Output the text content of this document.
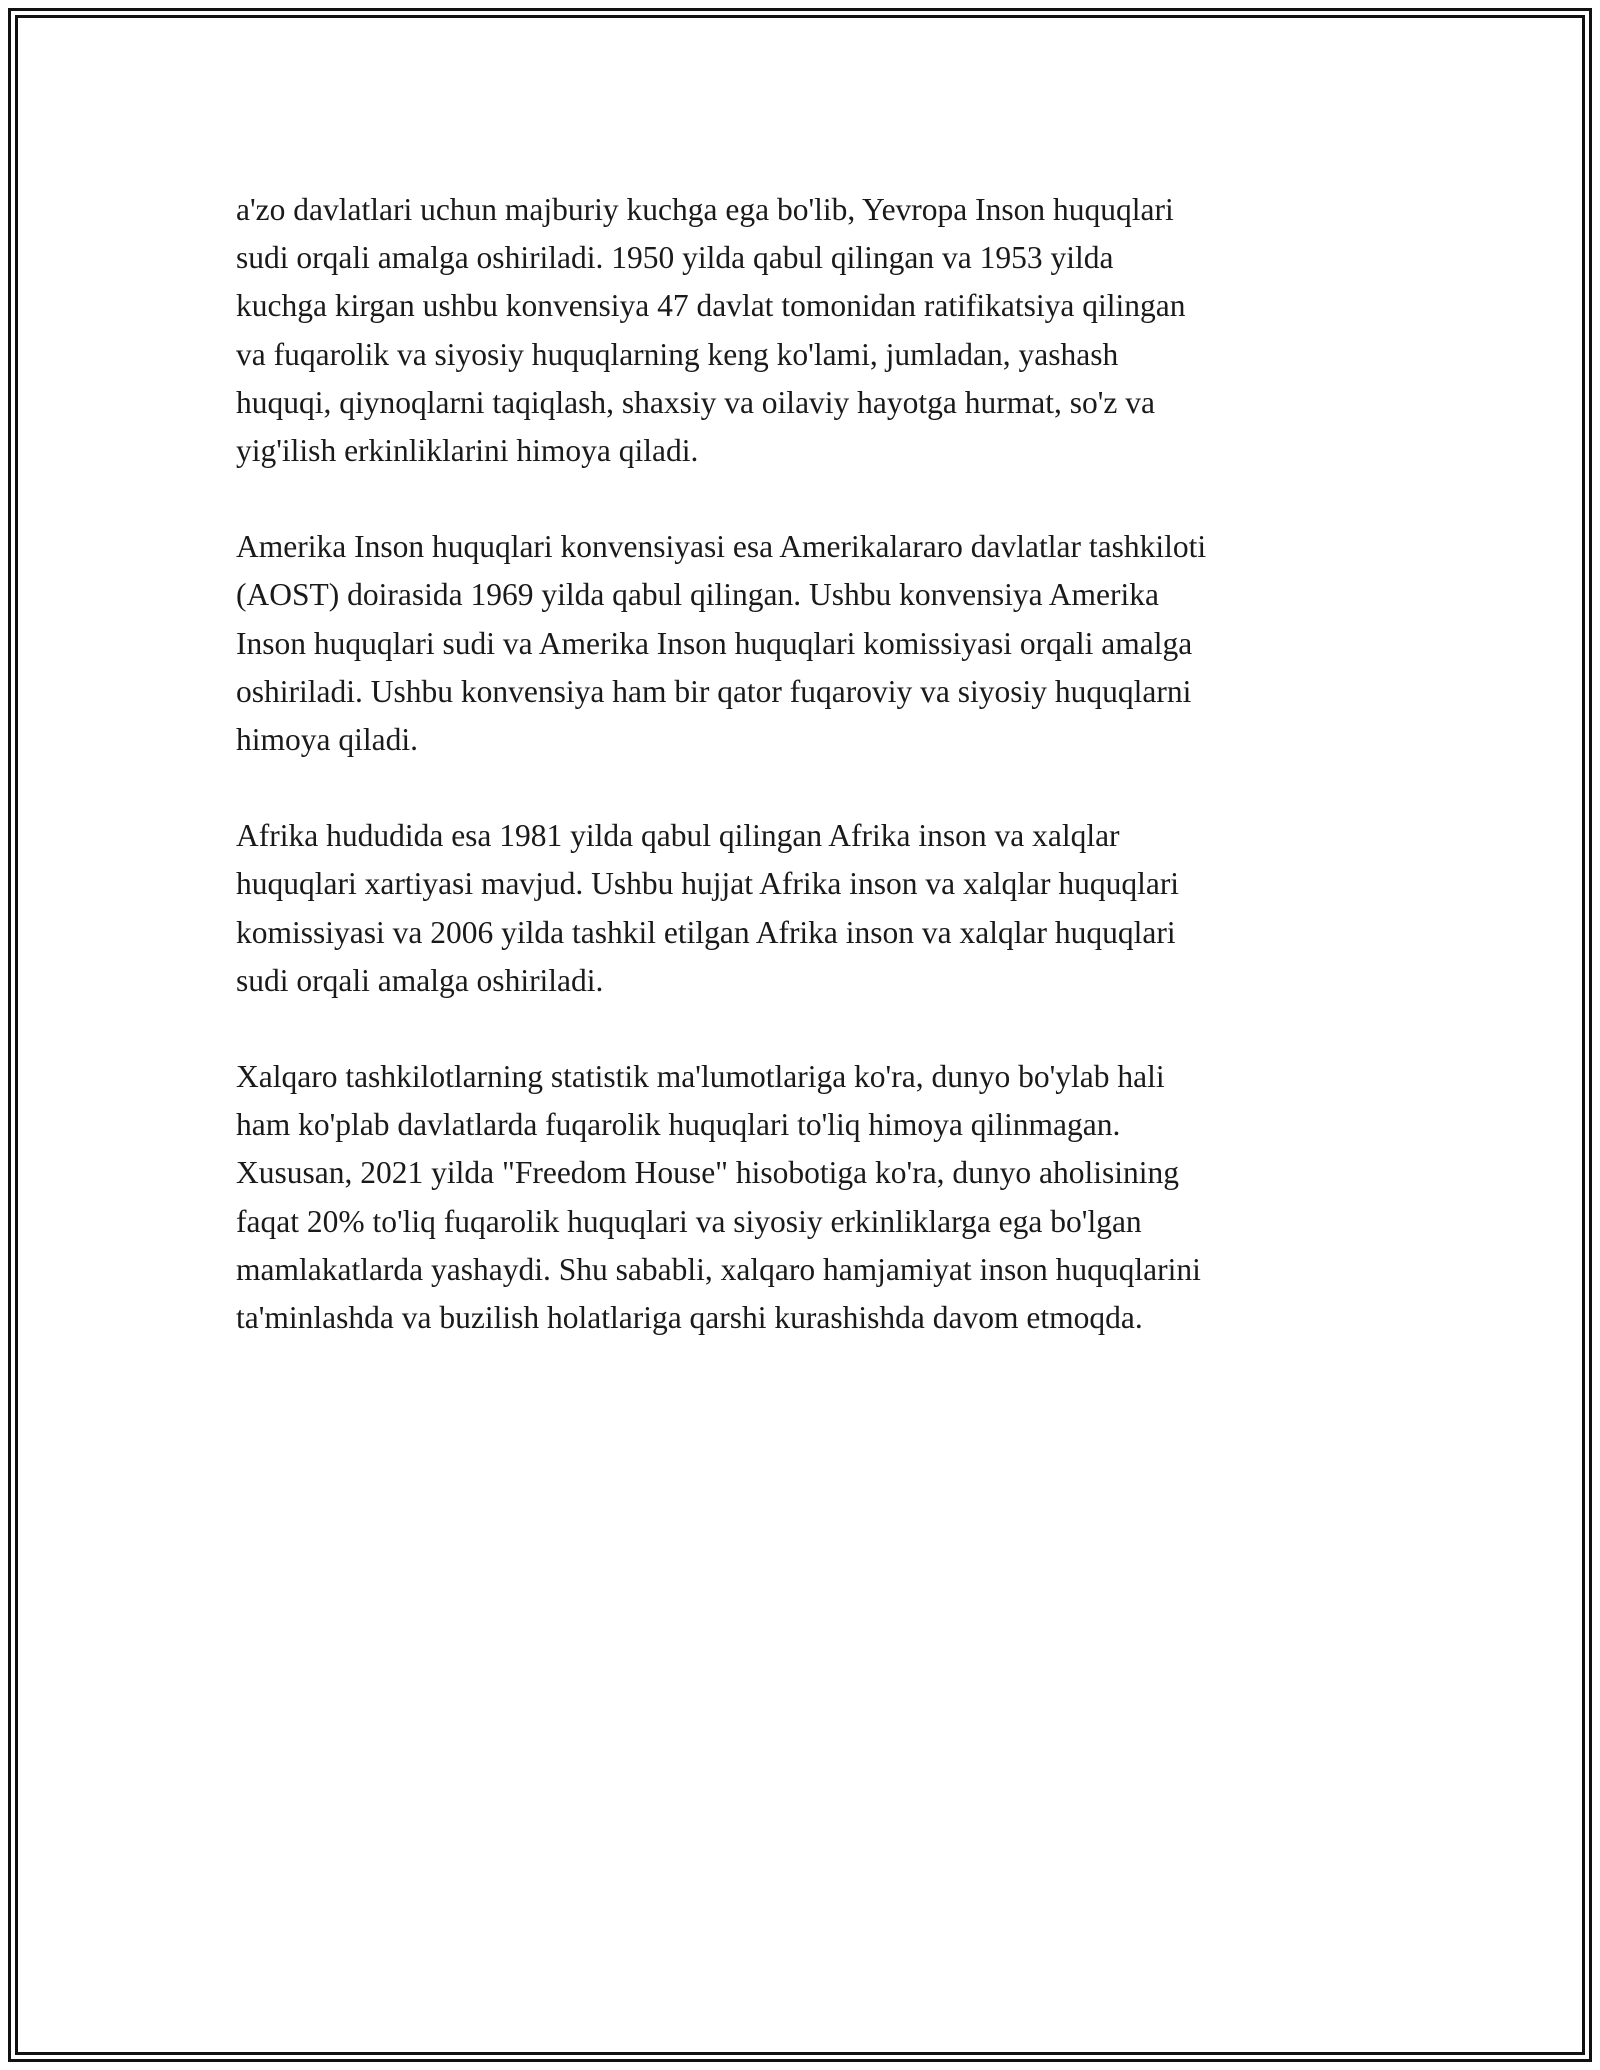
a'zo davlatlari uchun majburiy kuchga ega bo'lib, Yevropa Inson huquqlari
sudi orqali amalga oshiriladi. 1950 yilda qabul qilingan va 1953 yilda
kuchga kirgan ushbu konvensiya 47 davlat tomonidan ratifikatsiya qilingan
va fuqarolik va siyosiy huquqlarning keng ko'lami, jumladan, yashash
huquqi, qiynoqlarni taqiqlash, shaxsiy va oilaviy hayotga hurmat, so'z va
yig'ilish erkinliklarini himoya qiladi.

Amerika Inson huquqlari konvensiyasi esa Amerikalararo davlatlar tashkiloti
(AOST) doirasida 1969 yilda qabul qilingan. Ushbu konvensiya Amerika
Inson huquqlari sudi va Amerika Inson huquqlari komissiyasi orqali amalga
oshiriladi. Ushbu konvensiya ham bir qator fuqaroviy va siyosiy huquqlarni
himoya qiladi.

Afrika hududida esa 1981 yilda qabul qilingan Afrika inson va xalqlar
huquqlari xartiyasi mavjud. Ushbu hujjat Afrika inson va xalqlar huquqlari
komissiyasi va 2006 yilda tashkil etilgan Afrika inson va xalqlar huquqlari
sudi orqali amalga oshiriladi.

Xalqaro tashkilotlarning statistik ma'lumotlariga ko'ra, dunyo bo'ylab hali
ham ko'plab davlatlarda fuqarolik huquqlari to'liq himoya qilinmagan.
Xususan, 2021 yilda "Freedom House" hisobotiga ko'ra, dunyo aholisining
faqat 20% to'liq fuqarolik huquqlari va siyosiy erkinliklarga ega bo'lgan
mamlakatlarda yashaydi. Shu sababli, xalqaro hamjamiyat inson huquqlarini
ta'minlashda va buzilish holatlariga qarshi kurashishda davom etmoqda.
